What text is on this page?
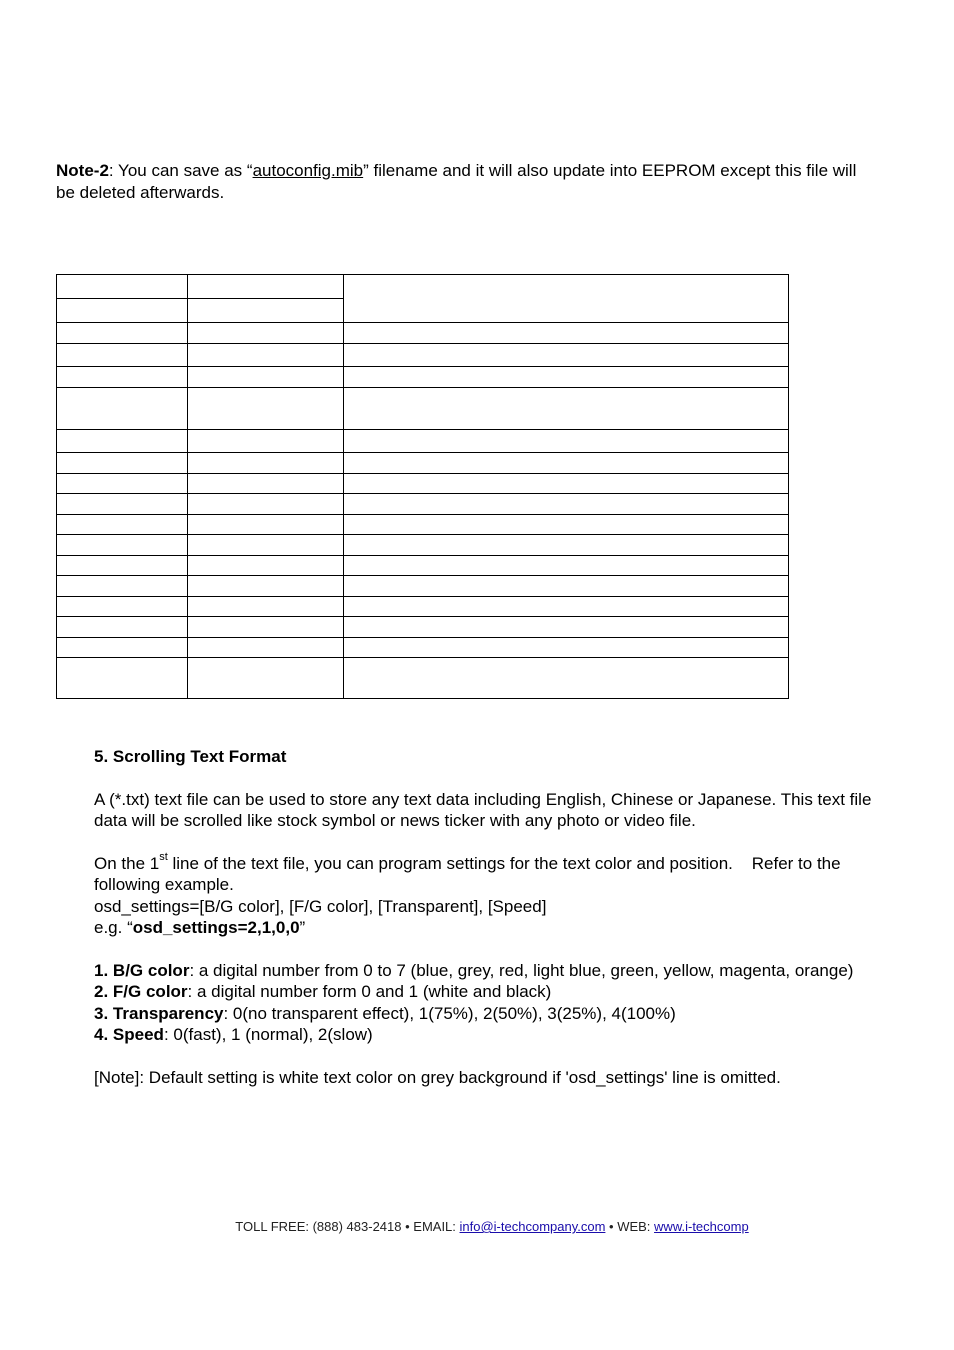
Note-2: You can save as “autoconfig.mib” filename and it will also update into EEPROM except this file will be deleted afterwards.

5. Scrolling Text Format

A (*.txt) text file can be used to store any text data including English, Chinese or Japanese. This text file data will be scrolled like stock symbol or news ticker with any photo or video file.

On the 1st line of the text file, you can program settings for the text color and position.    Refer to the following example.

osd_settings=[B/G color], [F/G color], [Transparent], [Speed]

e.g. “osd_settings=2,1,0,0”

1. B/G color: a digital number from 0 to 7 (blue, grey, red, light blue, green, yellow, magenta, orange)

2. F/G color: a digital number form 0 and 1 (white and black)

3. Transparency: 0(no transparent effect), 1(75%), 2(50%), 3(25%), 4(100%)

4. Speed: 0(fast), 1 (normal), 2(slow)

[Note]: Default setting is white text color on grey background if 'osd_settings' line is omitted.

TOLL FREE: (888) 483-2418 • EMAIL: info@i-techcompany.com • WEB: www.i-techcomp
